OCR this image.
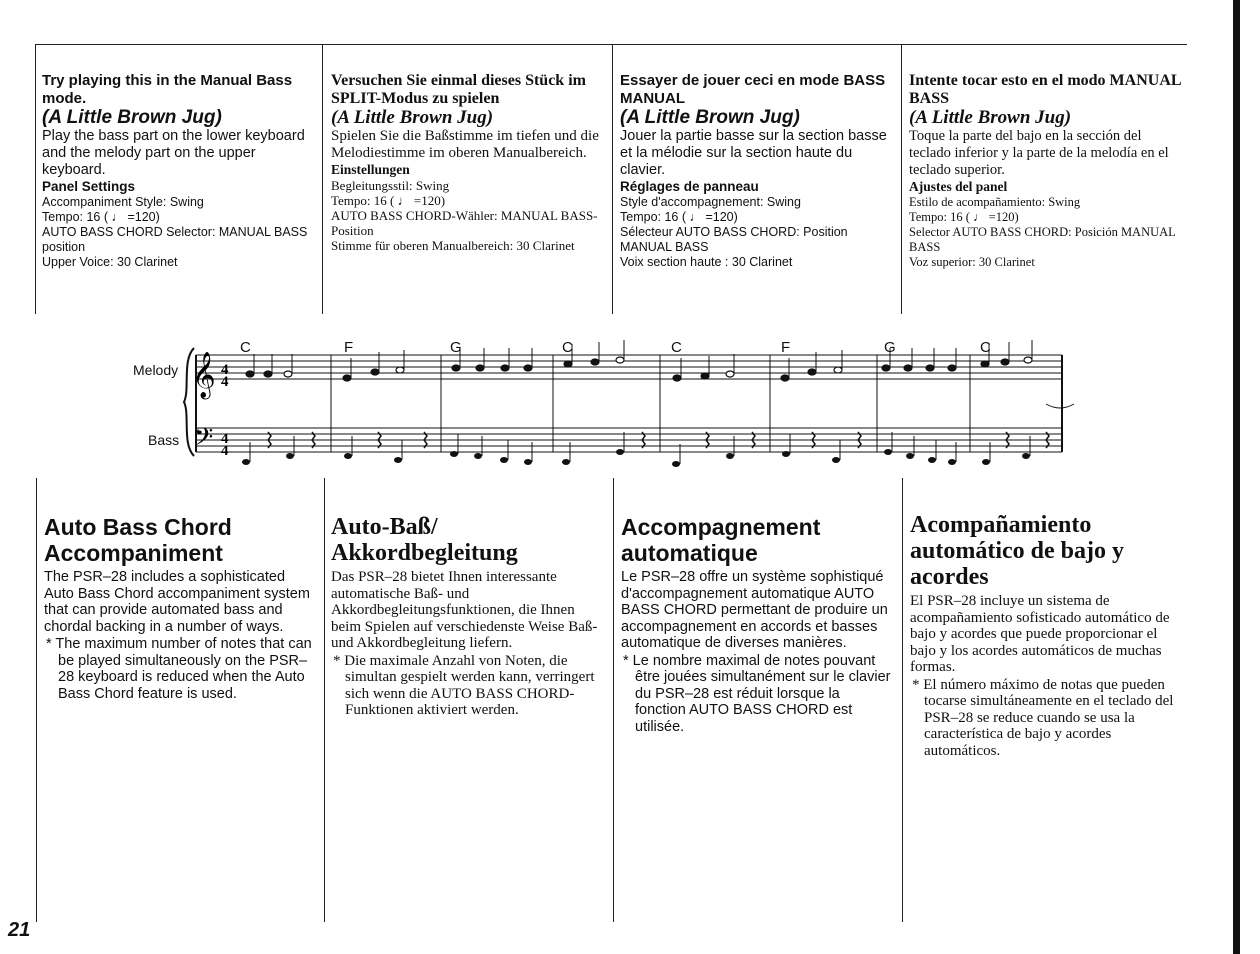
Try playing this in the Manual Bass mode.
(A Little Brown Jug)
Play the bass part on the lower keyboard and the melody part on the upper keyboard.
Panel Settings
Accompaniment Style: Swing
Tempo: 16 ( ♩ =120)
AUTO BASS CHORD Selector: MANUAL BASS position
Upper Voice: 30 Clarinet
Versuchen Sie einmal dieses Stück im SPLIT-Modus zu spielen
(A Little Brown Jug)
Spielen Sie die Baßstimme im tiefen und die Melodiestimme im oberen Manualbereich.
Einstellungen
Begleitungsstil: Swing
Tempo: 16 ( ♩ =120)
AUTO BASS CHORD-Wähler: MANUAL BASS-Position
Stimme für oberen Manualbereich: 30 Clarinet
Essayer de jouer ceci en mode BASS MANUAL
(A Little Brown Jug)
Jouer la partie basse sur la section basse et la mélodie sur la section haute du clavier.
Réglages de panneau
Style d'accompagnement: Swing
Tempo: 16 ( ♩ =120)
Sélecteur AUTO BASS CHORD: Position MANUAL BASS
Voix section haute : 30 Clarinet
Intente tocar esto en el modo MANUAL BASS
(A Little Brown Jug)
Toque la parte del bajo en la sección del teclado inferior y la parte de la melodía en el teclado superior.
Ajustes del panel
Estilo de acompañamiento: Swing
Tempo: 16 ( ♩ =120)
Selector AUTO BASS CHORD: Posición MANUAL BASS
Voz superior: 30 Clarinet
Melody
Bass
C	F	G	C	C	F	G	C
𝄞
𝄢
4
4
4
4
Auto Bass Chord Accompaniment
The PSR–28 includes a sophisticated Auto Bass Chord accompaniment system that can provide automated bass and chordal backing in a number of ways.
* The maximum number of notes that can be played simultaneously on the PSR–28 keyboard is reduced when the Auto Bass Chord feature is used.
Auto-Baß/ Akkordbegleitung
Das PSR–28 bietet Ihnen interessante automatische Baß- und Akkordbegleitungsfunktionen, die Ihnen beim Spielen auf verschiedenste Weise Baß- und Akkordbegleitung liefern.
* Die maximale Anzahl von Noten, die simultan gespielt werden kann, verringert sich wenn die AUTO BASS CHORD-Funktionen aktiviert werden.
Accompagnement automatique
Le PSR–28 offre un système sophistiqué d'accompagnement automatique AUTO BASS CHORD permettant de produire un accompagnement en accords et basses automatique de diverses manières.
* Le nombre maximal de notes pouvant être jouées simultanément sur le clavier du PSR–28 est réduit lorsque la fonction AUTO BASS CHORD est utilisée.
Acompañamiento automático de bajo y acordes
El PSR–28 incluye un sistema de acompañamiento sofisticado automático de bajo y acordes que puede proporcionar el bajo y los acordes automáticos de muchas formas.
* El número máximo de notas que pueden tocarse simultáneamente en el teclado del PSR–28 se reduce cuando se usa la característica de bajo y acordes automáticos.
21
